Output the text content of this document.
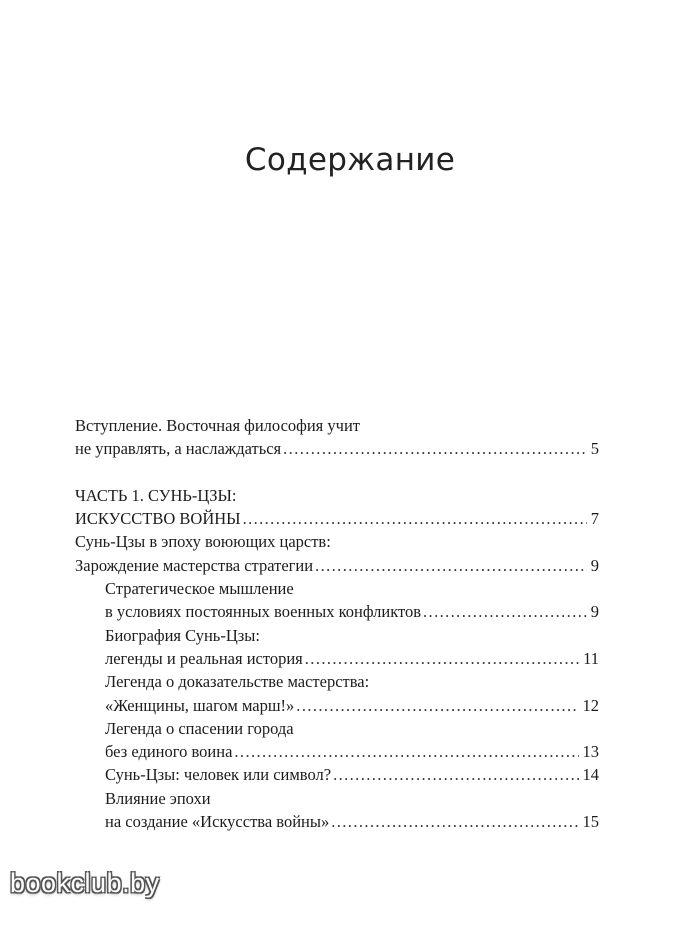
Содержание
Вступление. Восточная философия учит
не управлять, а наслаждаться .....	5
ЧАСТЬ 1. СУНЬ-ЦЗЫ:
ИСКУССТВО ВОЙНЫ .....	7
Сунь-Цзы в эпоху воюющих царств:
Зарождение мастерства стратегии .....	9
Стратегическое мышление
в условиях постоянных военных конфликтов .....	9
Биография Сунь-Цзы:
легенды и реальная история .....	11
Легенда о доказательстве мастерства:
«Женщины, шагом марш!» .....	12
Легенда о спасении города
без единого воина .....	13
Сунь-Цзы: человек или символ? .....	14
Влияние эпохи
на создание «Искусства войны» .....	15
bookclub.by
